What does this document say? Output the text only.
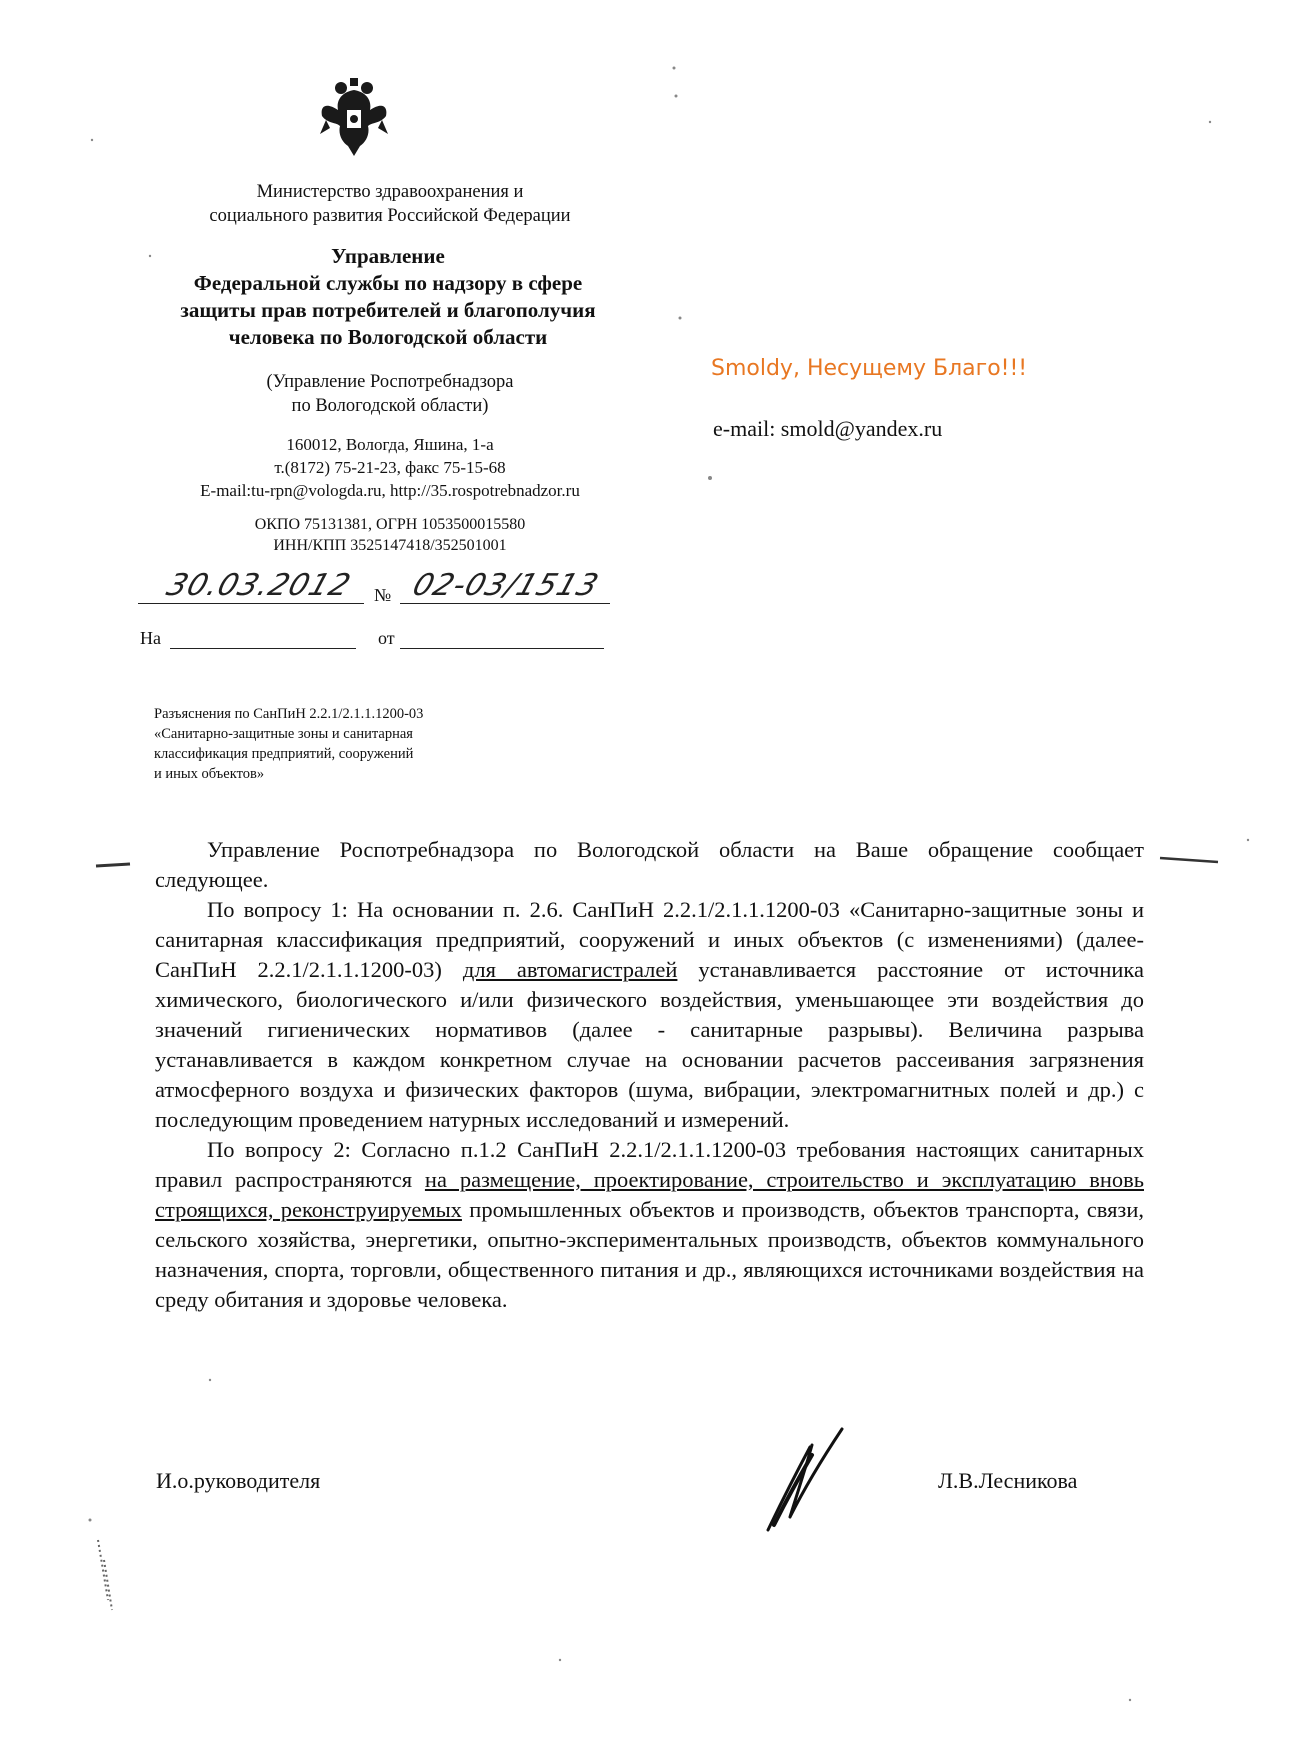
Министерство здравоохранения и
социального развития Российской Федерации
Управление
Федеральной службы по надзору в сфере
защиты прав потребителей и благополучия
человека по Вологодской области
(Управление Роспотребнадзора
по Вологодской области)
160012, Вологда, Яшина, 1-а
т.(8172) 75-21-23, факс 75-15-68
E-mail:tu-rpn@vologda.ru, http://35.rospotrebnadzor.ru
ОКПО 75131381, ОГРН 1053500015580
ИНН/КПП 3525147418/352501001
30.03.2012 № 02-03/1513
На	от
Smoldy, Несущему Благо!!!
e-mail: smold@yandex.ru
Разъяснения по СанПиН 2.2.1/2.1.1.1200-03
«Санитарно-защитные зоны и санитарная
классификация предприятий, сооружений
и иных объектов»

Управление Роспотребнадзора по Вологодской области на Ваше обращение сообщает следующее.

По вопросу 1: На основании п. 2.6. СанПиН 2.2.1/2.1.1.1200-03 «Санитарно-защитные зоны и санитарная классификация предприятий, сооружений и иных объектов (с изменениями) (далее- СанПиН 2.2.1/2.1.1.1200-03) для автомагистралей устанавливается расстояние от источника химического, биологического и/или физического воздействия, уменьшающее эти воздействия до значений гигиенических нормативов (далее - санитарные разрывы). Величина разрыва устанавливается в каждом конкретном случае на основании расчетов рассеивания загрязнения атмосферного воздуха и физических факторов (шума, вибрации, электромагнитных полей и др.) с последующим проведением натурных исследований и измерений.

По вопросу 2: Согласно п.1.2 СанПиН 2.2.1/2.1.1.1200-03 требования настоящих санитарных правил распространяются на размещение, проектирование, строительство и эксплуатацию вновь строящихся, реконструируемых промышленных объектов и производств, объектов транспорта, связи, сельского хозяйства, энергетики, опытно-экспериментальных производств, объектов коммунального назначения, спорта, торговли, общественного питания и др., являющихся источниками воздействия на среду обитания и здоровье человека.

И.о.руководителя	Л.В.Лесникова
